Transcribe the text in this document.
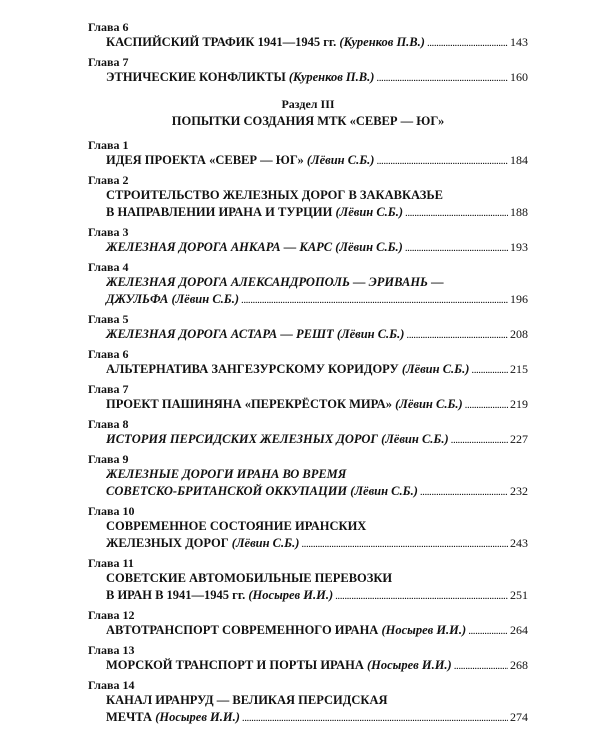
Глава 6
КАСПИЙСКИЙ ТРАФИК 1941—1945 гг. (Куренков П.В.) . . .	143
Глава 7
ЭТНИЧЕСКИЕ КОНФЛИКТЫ (Куренков П.В.) . . .	160
Раздел III
ПОПЫТКИ СОЗДАНИЯ МТК «СЕВЕР — ЮГ»
Глава 1
ИДЕЯ ПРОЕКТА «СЕВЕР — ЮГ» (Лёвин С.Б.) . . .	184
Глава 2
СТРОИТЕЛЬСТВО ЖЕЛЕЗНЫХ ДОРОГ В ЗАКАВКАЗЬЕ
В НАПРАВЛЕНИИ ИРАНА И ТУРЦИИ (Лёвин С.Б.) . . .	188
Глава 3
ЖЕЛЕЗНАЯ ДОРОГА АНКАРА — КАРС (Лёвин С.Б.) . . .	193
Глава 4
ЖЕЛЕЗНАЯ ДОРОГА АЛЕКСАНДРОПОЛЬ — ЭРИВАНЬ —
ДЖУЛЬФА (Лёвин С.Б.) . . .	196
Глава 5
ЖЕЛЕЗНАЯ ДОРОГА АСТАРА — РЕШТ (Лёвин С.Б.) . . .	208
Глава 6
АЛЬТЕРНАТИВА ЗАНГЕЗУРСКОМУ КОРИДОРУ (Лёвин С.Б.) . . .	215
Глава 7
ПРОЕКТ ПАШИНЯНА «ПЕРЕКРЁСТОК МИРА» (Лёвин С.Б.) . . .	219
Глава 8
ИСТОРИЯ ПЕРСИДСКИХ ЖЕЛЕЗНЫХ ДОРОГ (Лёвин С.Б.) . . .	227
Глава 9
ЖЕЛЕЗНЫЕ ДОРОГИ ИРАНА ВО ВРЕМЯ
СОВЕТСКО-БРИТАНСКОЙ ОККУПАЦИИ (Лёвин С.Б.) . . .	232
Глава 10
СОВРЕМЕННОЕ СОСТОЯНИЕ ИРАНСКИХ
ЖЕЛЕЗНЫХ ДОРОГ (Лёвин С.Б.) . . .	243
Глава 11
СОВЕТСКИЕ АВТОМОБИЛЬНЫЕ ПЕРЕВОЗКИ
В ИРАН В 1941—1945 гг. (Носырев И.И.) . . .	251
Глава 12
АВТОТРАНСПОРТ СОВРЕМЕННОГО ИРАНА (Носырев И.И.) . . .	264
Глава 13
МОРСКОЙ ТРАНСПОРТ И ПОРТЫ ИРАНА (Носырев И.И.) . . .	268
Глава 14
КАНАЛ ИРАНРУД — ВЕЛИКАЯ ПЕРСИДСКАЯ
МЕЧТА (Носырев И.И.) . . .	274
